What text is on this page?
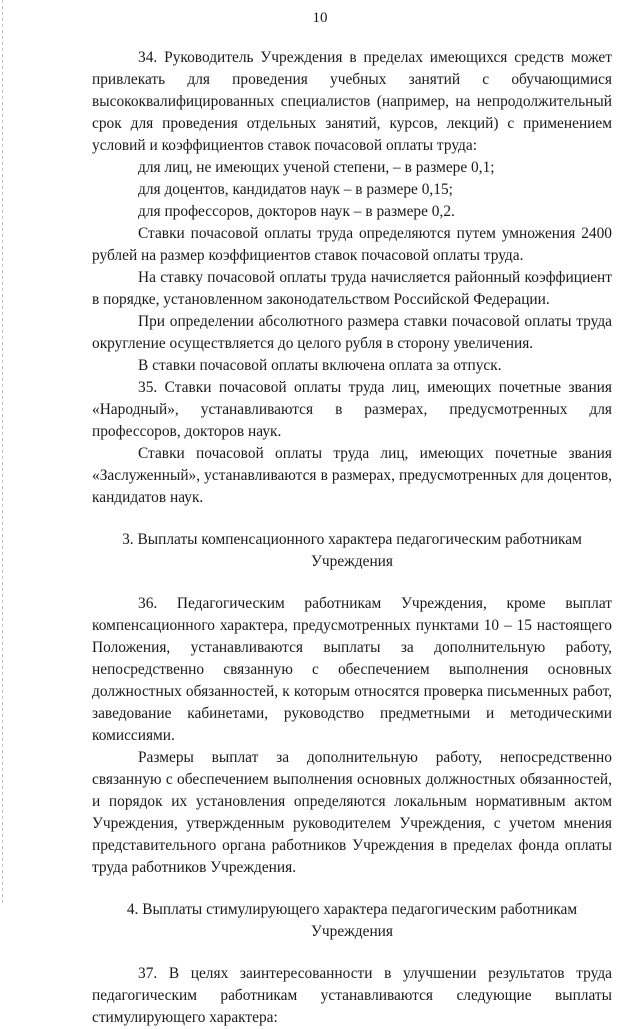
10

34. Руководитель Учреждения в пределах имеющихся средств может привлекать для проведения учебных занятий с обучающимися высококвалифицированных специалистов (например, на непродолжительный срок для проведения отдельных занятий, курсов, лекций) с применением условий и коэффициентов ставок почасовой оплаты труда:

для лиц, не имеющих ученой степени, – в размере 0,1;

для доцентов, кандидатов наук – в размере 0,15;

для профессоров, докторов наук – в размере 0,2.

Ставки почасовой оплаты труда определяются путем умножения 2400 рублей на размер коэффициентов ставок почасовой оплаты труда.

На ставку почасовой оплаты труда начисляется районный коэффициент в порядке, установленном законодательством Российской Федерации.

При определении абсолютного размера ставки почасовой оплаты труда округление осуществляется до целого рубля в сторону увеличения.

В ставки почасовой оплаты включена оплата за отпуск.

35. Ставки почасовой оплаты труда лиц, имеющих почетные звания «Народный», устанавливаются в размерах, предусмотренных для профессоров, докторов наук.

Ставки почасовой оплаты труда лиц, имеющих почетные звания «Заслуженный», устанавливаются в размерах, предусмотренных для доцентов, кандидатов наук.

3. Выплаты компенсационного характера педагогическим работникам
Учреждения

36. Педагогическим работникам Учреждения, кроме выплат компенсационного характера, предусмотренных пунктами 10 – 15 настоящего Положения, устанавливаются выплаты за дополнительную работу, непосредственно связанную с обеспечением выполнения основных должностных обязанностей, к которым относятся проверка письменных работ, заведование кабинетами, руководство предметными и методическими комиссиями.

Размеры выплат за дополнительную работу, непосредственно связанную с обеспечением выполнения основных должностных обязанностей, и порядок их установления определяются локальным нормативным актом Учреждения, утвержденным руководителем Учреждения, с учетом мнения представительного органа работников Учреждения в пределах фонда оплаты труда работников Учреждения.

4. Выплаты стимулирующего характера педагогическим работникам
Учреждения

37. В целях заинтересованности в улучшении результатов труда педагогическим работникам устанавливаются следующие выплаты стимулирующего характера:
